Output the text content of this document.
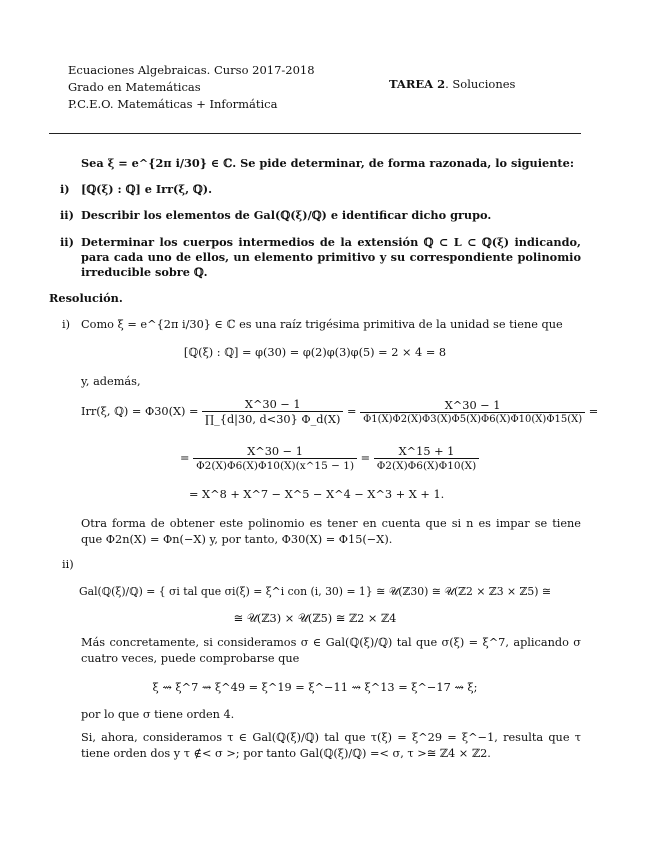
Ecuaciones Algebraicas. Curso 2017-2018
Grado en Matemáticas
P.C.E.O. Matemáticas + Informática
TAREA 2. Soluciones
Sea ξ = e^{2π i/30} ∈ ℂ. Se pide determinar, de forma razonada, lo siguiente:
i) [ℚ(ξ) : ℚ] e Irr(ξ, ℚ).
ii) Describir los elementos de Gal(ℚ(ξ)/ℚ) e identificar dicho grupo.
ii) Determinar los cuerpos intermedios de la extensión ℚ ⊂ L ⊂ ℚ(ξ) indicando, para cada uno de ellos, un elemento primitivo y su correspondiente polinomio irreducible sobre ℚ.
Resolución.
i) Como ξ = e^{2π i/30} ∈ ℂ es una raíz trigésima primitiva de la unidad se tiene que
[ℚ(ξ) : ℚ] = φ(30) = φ(2)φ(3)φ(5) = 2 × 4 = 8
y, además,
Irr(ξ, ℚ) = $\Phi 30(X) = \frac{X\^{}30 - 1}{\prod\_\{d|30, d<30\} \Phi\_d(X)} = \frac{X\^{}30 - 1}{\Phi 1(X)\Phi 2(X)\Phi 3(X)\Phi 5(X)\Phi 6(X)\Phi 10(X)\Phi 15(X)}$ =
= $\frac{X\^{}30 - 1}{\Phi 2(X)\Phi 6(X)\Phi 10(X)(x\^{}15 - 1)} = \frac{X\^{}15 + 1}{\Phi 2(X)\Phi 6(X)\Phi 10(X)}$
= X^8 + X^7 − X^5 − X^4 − X^3 + X + 1.
Otra forma de obtener este polinomio es tener en cuenta que si n es impar se tiene que Φ2n(X) = Φn(−X) y, por tanto, Φ30(X) = Φ15(−X).
ii)
Gal(ℚ(ξ)/ℚ) = { σi tal que σi(ξ) = ξ^i con (i, 30) = 1} ≅ 𝒰(ℤ30) ≅ 𝒰(ℤ2 × ℤ3 × ℤ5) ≅
≅ 𝒰(ℤ3) × 𝒰(ℤ5) ≅ ℤ2 × ℤ4
Más concretamente, si consideramos σ ∈ Gal(ℚ(ξ)/ℚ) tal que σ(ξ) = ξ^7, aplicando σ cuatro veces, puede comprobarse que
ξ ⇝ ξ^7 ⇝ ξ^49 = ξ^19 = ξ^−11 ⇝ ξ^13 = ξ^−17 ⇝ ξ;
por lo que σ tiene orden 4.
Si, ahora, consideramos τ ∈ Gal(ℚ(ξ)/ℚ) tal que τ(ξ) = ξ^29 = ξ^−1, resulta que τ tiene orden dos y τ ∉< σ >; por tanto Gal(ℚ(ξ)/ℚ) =< σ, τ >≅ ℤ4 × ℤ2.
